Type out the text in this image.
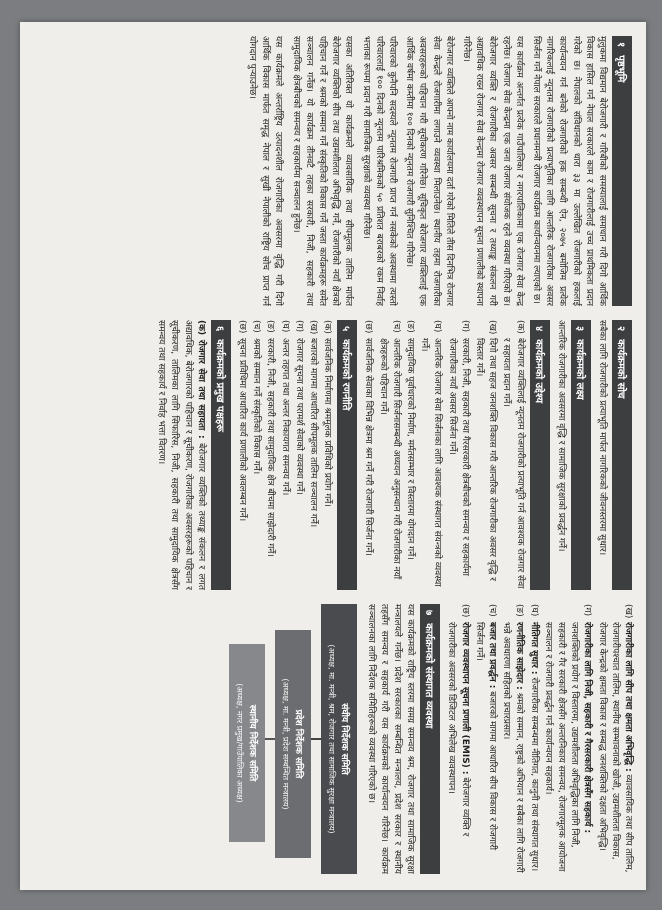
१
पृष्ठभूमि

मुलुकमा विद्यमान बेरोजगारी र गरिबीको समस्यालाई समाधान गरी दिगो आर्थिक विकास हासिल गर्न नेपाल सरकारले काम र रोजगारीलाई उच्च प्राथमिकता प्रदान गरेको छ। नेपालको संविधानको धारा ३३ मा उल्लेखित रोजगारीको हकलाई कार्यान्वयन गर्न बनेको रोजगारीको हक सम्बन्धी ऐन, २०७५ बमोजिम प्रत्येक नागरिकलाई न्यूनतम रोजगारीको प्रत्याभूतिका लागि आन्तरिक रोजगारीका अवसर सिर्जना गर्ने नेपाल सरकारले प्रधानमन्त्री रोजगार कार्यक्रम कार्यान्वयनमा ल्याएको छ।

यस कार्यक्रम अन्तर्गत प्रत्येक गाउँपालिका र नगरपालिकामा एक रोजगार सेवा केन्द्र रहनेछ। रोजगार सेवा केन्द्रमा एक जना रोजगार संयोजक रहने व्यवस्था गरिएको छ। बेरोजगार व्यक्ति र रोजगारीका अवसर सम्बन्धी सूचना र तथ्याङ्क संकलन गरी अद्यावधिक राख्न रोजगार सेवा केन्द्रमा रोजगार व्यवस्थापन सूचना प्रणालीको स्थापना गरिनेछ।

बेरोजगार व्यक्तिले आफ्नो नाम कार्यालयमा दर्ता गरेको मितिले तीस दिनभित्र रोजगार सेवा केन्द्रले रोजगारीमा लगाउने व्यवस्था मिलाउनेछ। स्थानीय तहमा रोजगारीका अवसरहरूको पहिचान गरी सूचीकरण गरिनेछ। सूचिकृत बेरोजगार व्यक्तिलाई एक आर्थिक वर्षमा कम्तीमा १०० दिनको न्यूनतम रोजगारी सुनिश्चित गरिनेछ।

परिवारको कुनैपनि सदस्यले न्यूनतम रोजगारी प्राप्त गर्न नसकेको अवस्थामा त्यस्तो परिवारलाई १०० दिनको न्यूनतम पारिश्रमिकको ५० प्रतिशत बराबरको रकम निर्वाह भत्ताका रूपमा प्रदान गरी सामाजिक सुरक्षाको व्यवस्था गरिनेछ।

यसका अतिरिक्त यो कार्यक्रमले व्यावसायिक तथा सीपमूलक तालिम मार्फत बेरोजगार व्यक्तिको सीप तथा उद्यमशीलता अभिवृद्धि गर्ने, रोजगारीको नयाँ क्षेत्रको पहिचान गर्ने र श्रमको सम्मान गर्ने संस्कृतिको विकास गर्ने जस्ता कार्यक्रमहरू समेत सञ्चालन गर्नेछ। यो कार्यक्रम तीनवटै तहका सरकारी, निजी, सहकारी तथा सामुदायिक क्षेत्रबीचको समन्वय र सहकार्यमा सञ्चालन हुनेछ।

यस कार्यक्रमले अन्तर्राष्ट्रिय उत्पादनशील रोजगारीका अवसरमा वृद्धि गरी दिगो आर्थिक विकास मार्फत समृद्ध नेपाल र सुखी नेपालीको राष्ट्रिय सोच प्राप्त गर्न योगदान पुऱ्याउनेछ।

२
कार्यक्रमको सोच

सबैका लागि रोजगारीको प्रत्याभूति मार्फत नागरिकको जीवनस्तरमा सुधार।

३
कार्यक्रमको लक्ष्य

आन्तरिक रोजगारीका अवसरमा वृद्धि र सामाजिक सुरक्षाको प्रवर्द्धन गर्ने।

४
कार्यक्रमको उद्देश्य
(क)बेरोजगार व्यक्तिलाई न्यूनतम रोजगारीको प्रत्याभूति गर्न आवश्यक रोजगार सेवा र सहायता प्रदान गर्ने।
(ख)दिगो तथा सहज जनशक्ति विकास गरी आन्तरिक रोजगारीका अवसर वृद्धि र विस्तार गर्ने।
(ग)सरकारी, निजी, सहकारी तथा गैरसरकारी क्षेत्रबीचको समन्वय र सहकार्यमा रोजगारीका नयाँ अवसर सिर्जना गर्ने।
(घ)आन्तरिक रोजगार सेवा सिर्जनाका लागि आवश्यक संस्थागत संयन्त्रको व्यवस्था गर्ने।
(ङ)सामुदायिक पूर्वाधारको निर्माण, मर्मतसम्भार र विस्तारमा योगदान गर्ने।
(च)आन्तरिक रोजगारी सिर्जनासम्बन्धी अध्ययन अनुसन्धान गरी रोजगारीका नयाँ क्षेत्रहरूको पहिचान गर्ने।
(छ)सार्वजनिक सेवाका विभिन्न क्षेत्रमा श्रम गर्ने गरी रोजगारी सिर्जना गर्ने।
५
कार्यक्रमको रणनीति
(क)सार्वजनिक निर्माणमा श्रममूलक प्रविधिको प्रयोग गर्ने।
(ख)बजारको मागमा आधारित सीपमूलक तालिम सञ्चालन गर्ने।
(ग)रोजगार सूचना तथा परामर्श सेवाको व्यवस्था गर्ने।
(घ)अन्तर तहगत तथा अन्तर निकायगत समन्वय गर्ने।
(ङ)सरकारी, निजी, सहकारी तथा सामुदायिक क्षेत्र बीचमा साझेदारी गर्ने।
(च)श्रमको सम्मान गर्ने संस्कृतिको विकास गर्ने।
(छ)सूचना प्रविधिमा आधारित कार्य प्रणालीको अवलम्बन गर्ने।
६
कार्यक्रमको प्रमुख पक्षहरू

(क) रोजगार सेवा तथा सहायता : बेरोजगार व्यक्तिको तथ्याङ्क संकलन र लगत अद्यावधिक, बेरोजगारको पहिचान र सूचीकरण, रोजगारीका अवसरहरूको पहिचान र सूचीकरण, तालिमका लागि सिफारिस, निजी, सहकारी तथा सामुदायिक क्षेत्रसँग समन्वय तथा सहकार्य र निर्वाह भत्ता वितरण।

(ख)रोजगारीका लागि सीप तथा क्षमता अभिवृद्धि : व्यावसायिक तथा सीप तालिम, रोजगारीपश्चात तालिम, स्थानीय सम्भावनाको खोजी, उद्यमशीलता विकास, रोजगार केन्द्रको क्षमता विकास र सम्बद्ध जनशक्तिको दक्षता अभिवृद्धि।
(ग)रोजगारीका लागि निजी, सहकारी र गैरसरकारी क्षेत्रसँग सहकार्य : जनशक्तिको प्रयोग र विस्तारमा, उद्यमशीलता अभिवृद्धिका लागि निजी, सहकारी र गैर सरकारी क्षेत्रसँग अन्तरनिकाय समन्वय, रोजगारमूलक आयोजना सञ्चालन र रोजगारी प्रवर्द्धन गर्न कार्यान्वयन सहकार्य।
(घ)नीतिगत सुधार : रोजगारीका सम्बन्धमा नीतिगत, कानुनी तथा संस्थागत सुधार।
(ङ)रणनीतिक साझेदार : श्रमको सम्मान, राष्ट्रको अभियान र सबैका लागि रोजगारी भन्ने अवधारणा सहितको प्रचारप्रसार।
(च)बजार तथा प्रवर्द्धन : बजारको मागमा आधारित सीप विकास र रोजगारी सिर्जना गर्ने।
(छ)रोजगार व्यवस्थापन सूचना प्रणाली (EMIS) : बेरोजगार व्यक्ति र रोजगारीका अवसरको डिजिटल अभिलेख व्यवस्थापन।
७
कार्यक्रमको संस्थागत व्यवस्था

यस कार्यक्रमको राष्ट्रिय स्तरमा समग्र समन्वय श्रम, रोजगार तथा सामाजिक सुरक्षा मन्त्रालयले गर्नेछ। प्रदेश सरकारका सम्बन्धित मन्त्रालय, प्रदेश सरकार र स्थानीय तहसँग समन्वय र सहकार्य गरी यस कार्यक्रमको कार्यान्वयन गरिनेछ। कार्यक्रम सञ्चालनका लागि निर्देशक समितिहरूको व्यवस्था गरिएको छ।

संघीय निर्देशक समिति
(अध्यक्ष, मा. मन्त्री, श्रम, रोजगार तथा सामाजिक सुरक्षा मन्त्रालय)
प्रदेश निर्देशक समिति
(अध्यक्ष, मा. मन्त्री, प्रदेश सम्बन्धित मन्त्रालय)
स्थानीय निर्देशक समिति
(अध्यक्ष, नगर प्रमुख/गाउँपालिका अध्यक्ष)
